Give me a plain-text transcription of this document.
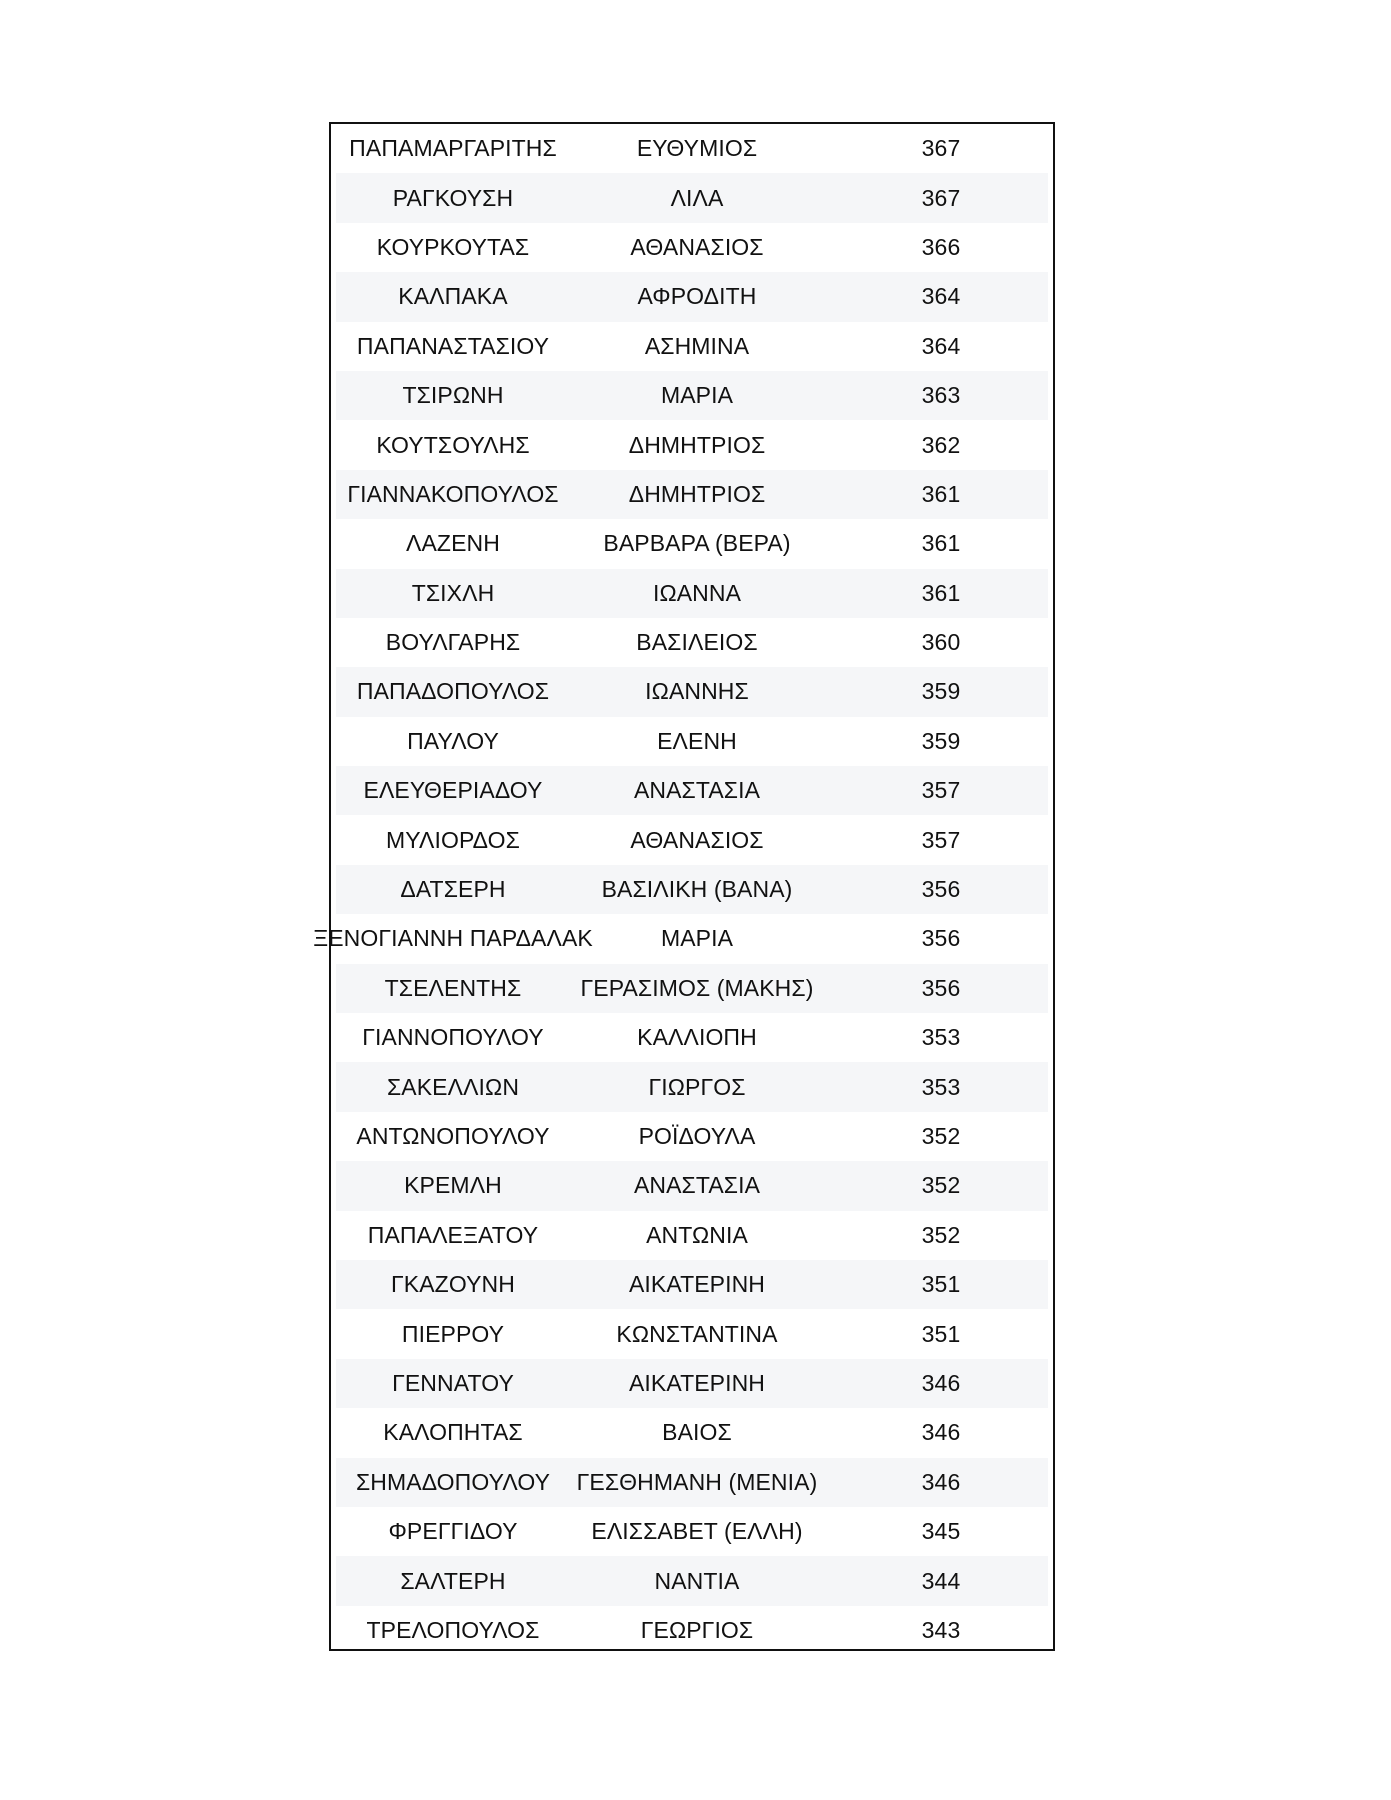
ΠΑΠΑΜΑΡΓΑΡΙΤΗΣ	ΕΥΘΥΜΙΟΣ	367
ΡΑΓΚΟΥΣΗ	ΛΙΛΑ	367
ΚΟΥΡΚΟΥΤΑΣ	ΑΘΑΝΑΣΙΟΣ	366
ΚΑΛΠΑΚΑ	ΑΦΡΟΔΙΤΗ	364
ΠΑΠΑΝΑΣΤΑΣΙΟΥ	ΑΣΗΜΙΝΑ	364
ΤΣΙΡΩΝΗ	ΜΑΡΙΑ	363
ΚΟΥΤΣΟΥΛΗΣ	ΔΗΜΗΤΡΙΟΣ	362
ΓΙΑΝΝΑΚΟΠΟΥΛΟΣ	ΔΗΜΗΤΡΙΟΣ	361
ΛΑΖΕΝΗ	ΒΑΡΒΑΡΑ (ΒΕΡΑ)	361
ΤΣΙΧΛΗ	ΙΩΑΝΝΑ	361
ΒΟΥΛΓΑΡΗΣ	ΒΑΣΙΛΕΙΟΣ	360
ΠΑΠΑΔΟΠΟΥΛΟΣ	ΙΩΑΝΝΗΣ	359
ΠΑΥΛΟΥ	ΕΛΕΝΗ	359
ΕΛΕΥΘΕΡΙΑΔΟΥ	ΑΝΑΣΤΑΣΙΑ	357
ΜΥΛΙΟΡΔΟΣ	ΑΘΑΝΑΣΙΟΣ	357
ΔΑΤΣΕΡΗ	ΒΑΣΙΛΙΚΗ (ΒΑΝΑ)	356
ΞΕΝΟΓΙΑΝΝΗ ΠΑΡΔΑΛΑΚ	ΜΑΡΙΑ	356
ΤΣΕΛΕΝΤΗΣ	ΓΕΡΑΣΙΜΟΣ (ΜΑΚΗΣ)	356
ΓΙΑΝΝΟΠΟΥΛΟΥ	ΚΑΛΛΙΟΠΗ	353
ΣΑΚΕΛΛΙΩΝ	ΓΙΩΡΓΟΣ	353
ΑΝΤΩΝΟΠΟΥΛΟΥ	ΡΟΪΔΟΥΛΑ	352
ΚΡΕΜΛΗ	ΑΝΑΣΤΑΣΙΑ	352
ΠΑΠΑΛΕΞΑΤΟΥ	ΑΝΤΩΝΙΑ	352
ΓΚΑΖΟΥΝΗ	ΑΙΚΑΤΕΡΙΝΗ	351
ΠΙΕΡΡΟΥ	ΚΩΝΣΤΑΝΤΙΝΑ	351
ΓΕΝΝΑΤΟΥ	ΑΙΚΑΤΕΡΙΝΗ	346
ΚΑΛΟΠΗΤΑΣ	ΒΑΙΟΣ	346
ΣΗΜΑΔΟΠΟΥΛΟΥ	ΓΕΣΘΗΜΑΝΗ (ΜΕΝΙΑ)	346
ΦΡΕΓΓΙΔΟΥ	ΕΛΙΣΣΑΒΕΤ (ΕΛΛΗ)	345
ΣΑΛΤΕΡΗ	ΝΑΝΤΙΑ	344
ΤΡΕΛΟΠΟΥΛΟΣ	ΓΕΩΡΓΙΟΣ	343
